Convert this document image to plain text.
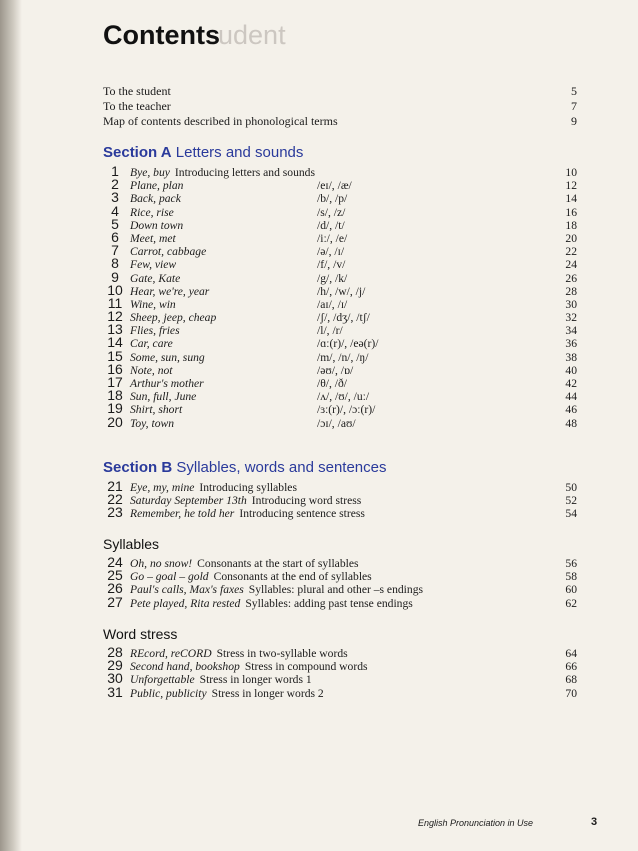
Contents
udent
To the student	5
To the teacher	7
Map of contents described in phonological terms	9
Section A Letters and sounds
1 Bye, buy Introducing letters and sounds	10
2 Plane, plan	/eɪ/, /æ/	12
3 Back, pack	/b/, /p/	14
4 Rice, rise	/s/, /z/	16
5 Down town	/d/, /t/	18
6 Meet, met	/iː/, /e/	20
7 Carrot, cabbage	/ə/, /ɪ/	22
8 Few, view	/f/, /v/	24
9 Gate, Kate	/g/, /k/	26
10 Hear, we're, year	/h/, /w/, /j/	28
11 Wine, win	/aɪ/, /ɪ/	30
12 Sheep, jeep, cheap	/ʃ/, /dʒ/, /tʃ/	32
13 Flies, fries	/l/, /r/	34
14 Car, care	/ɑː(r)/, /eə(r)/	36
15 Some, sun, sung	/m/, /n/, /ŋ/	38
16 Note, not	/əʊ/, /ɒ/	40
17 Arthur's mother	/θ/, /ð/	42
18 Sun, full, June	/ʌ/, /ʊ/, /uː/	44
19 Shirt, short	/ɜː(r)/, /ɔː(r)/	46
20 Toy, town	/ɔɪ/, /aʊ/	48
Section B Syllables, words and sentences
21 Eye, my, mine Introducing syllables	50
22 Saturday September 13th Introducing word stress	52
23 Remember, he told her Introducing sentence stress	54
Syllables
24 Oh, no snow! Consonants at the start of syllables	56
25 Go – goal – gold Consonants at the end of syllables	58
26 Paul's calls, Max's faxes Syllables: plural and other –s endings	60
27 Pete played, Rita rested Syllables: adding past tense endings	62
Word stress
28 REcord, reCORD Stress in two-syllable words	64
29 Second hand, bookshop Stress in compound words	66
30 Unforgettable Stress in longer words 1	68
31 Public, publicity Stress in longer words 2	70
English Pronunciation in Use	3
